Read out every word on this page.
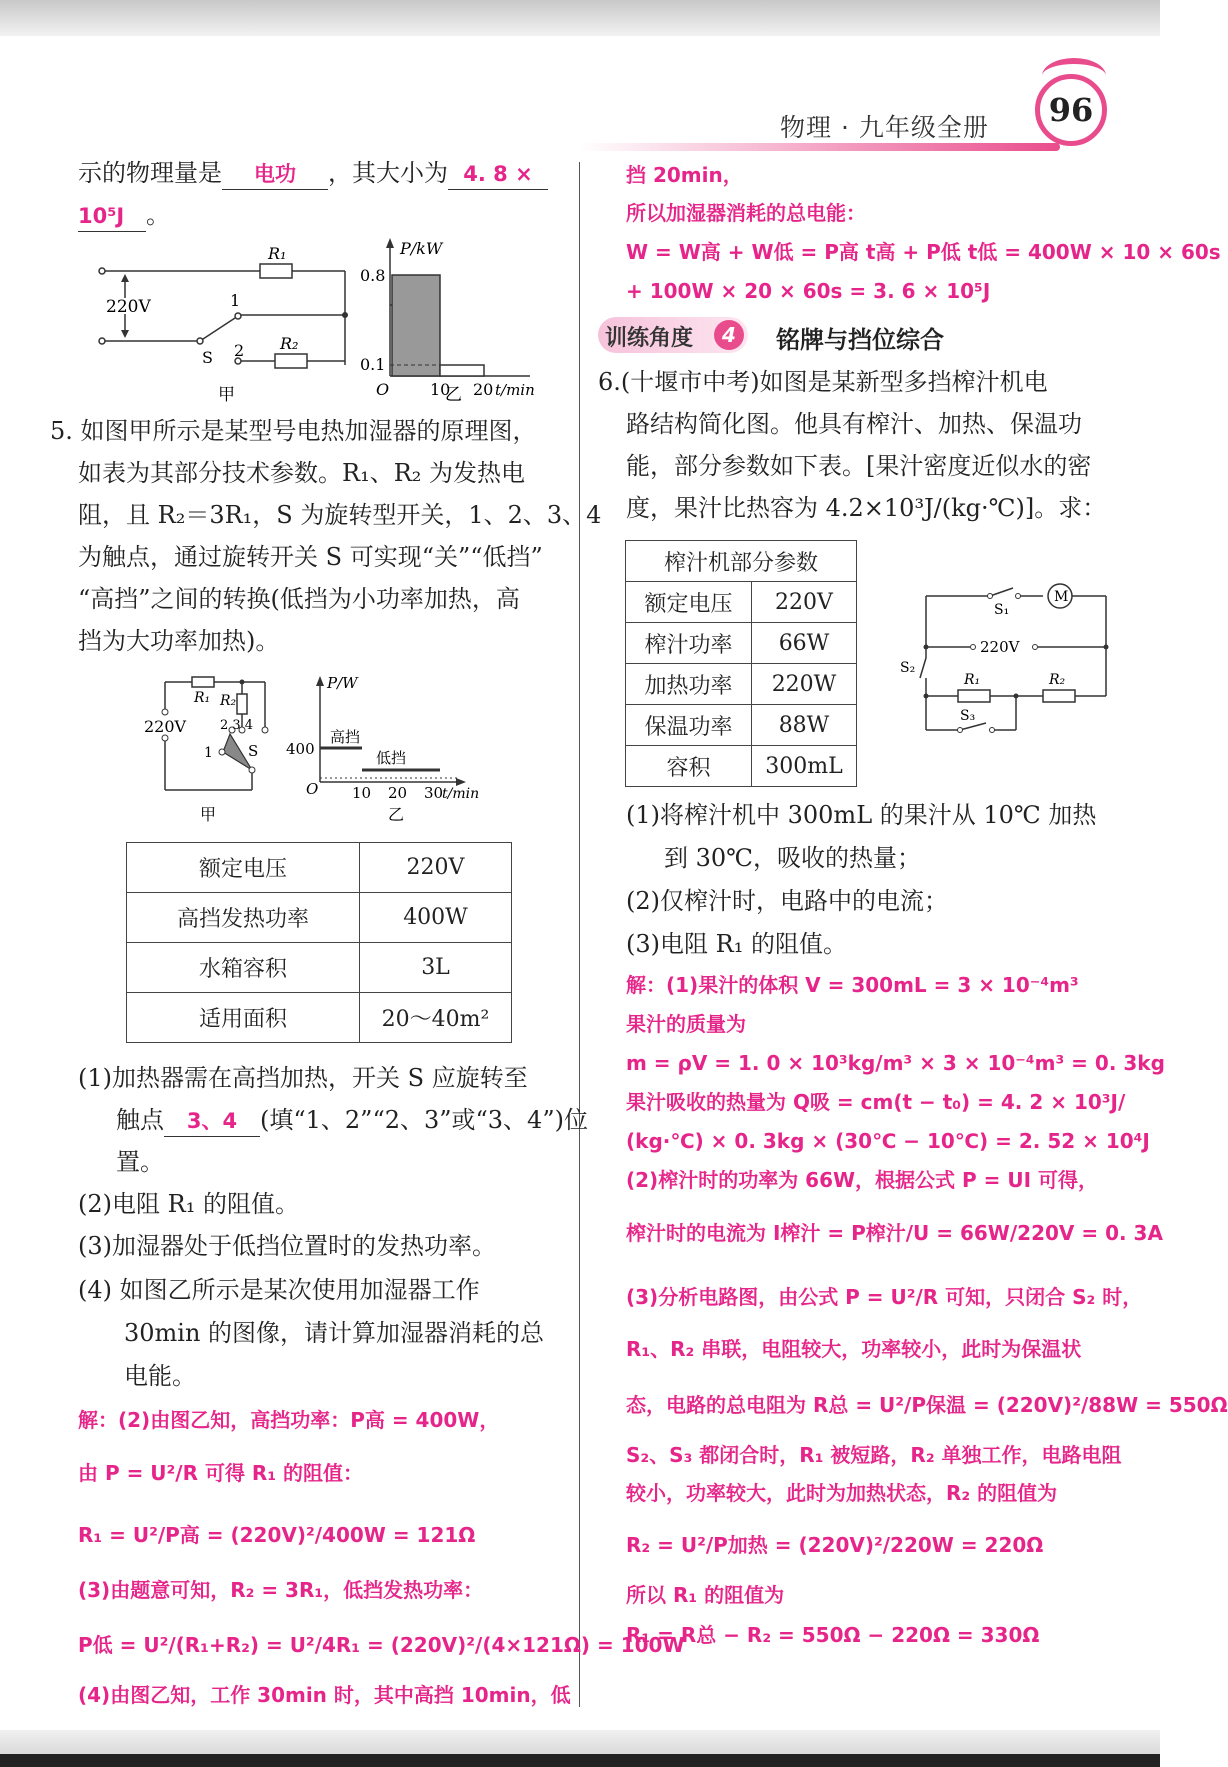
96
物理 · 九年级全册
示的物理量是 电功 ，其大小为 4. 8 ×
10⁵J 。
R₁
R₂
220V	1
2
S
P/kW
0.8
0.1
O	10 20 t/min
甲	乙
5. 如图甲所示是某型号电热加湿器的原理图，
如表为其部分技术参数。R₁、R₂ 为发热电
阻，且 R₂＝3R₁，S 为旋转型开关，1、2、3、4
为触点，通过旋转开关 S 可实现“关”“低挡”
“高挡”之间的转换(低挡为小功率加热，高
挡为大功率加热)。
R₁ R₂
220V	2 3 4
1 S
P/W
400
高挡
低挡
O 10 20 30
t/min
甲	乙
额定电压	220V
高挡发热功率	400W
水箱容积	3L
适用面积	20～40m²
(1)加热器需在高挡加热，开关 S 应旋转至
触点 3、4 (填“1、2”“2、3”或“3、4”)位
置。
(2)电阻 R₁ 的阻值。
(3)加湿器处于低挡位置时的发热功率。
(4) 如图乙所示是某次使用加湿器工作
30min 的图像，请计算加湿器消耗的总
电能。
解：(2)由图乙知，高挡功率：P高 = 400W，
由 P = U²/R 可得 R₁ 的阻值：
R₁ = U²/P高 = (220V)²/400W = 121Ω
(3)由题意可知，R₂ = 3R₁，低挡发热功率：
P低 = U²/(R₁+R₂) = U²/4R₁ = (220V)²/(4×121Ω) = 100W
(4)由图乙知，工作 30min 时，其中高挡 10min，低
挡 20min，
所以加湿器消耗的总电能：
W = W高 + W低 = P高 t高 + P低 t低 = 400W × 10 × 60s
+ 100W × 20 × 60s = 3. 6 × 10⁵J
训练角度	4	铭牌与挡位综合
6.(十堰市中考)如图是某新型多挡榨汁机电
路结构简化图。他具有榨汁、加热、保温功
能，部分参数如下表。[果汁密度近似水的密
度，果汁比热容为 4.2×10³J/(kg·℃)]。求：
榨汁机部分参数	
额定电压	220V
榨汁功率	66W
加热功率	220W
保温功率	88W
容积	300mL
S₁
M
220V
S₂
R₁	R₂
S₃
(1)将榨汁机中 300mL 的果汁从 10℃ 加热
到 30℃，吸收的热量；
(2)仅榨汁时，电路中的电流；
(3)电阻 R₁ 的阻值。
解：(1)果汁的体积 V = 300mL = 3 × 10⁻⁴m³
果汁的质量为
m = ρV = 1. 0 × 10³kg/m³ × 3 × 10⁻⁴m³ = 0. 3kg
果汁吸收的热量为 Q吸 = cm(t − t₀) = 4. 2 × 10³J/
(kg·℃) × 0. 3kg × (30℃ − 10℃) = 2. 52 × 10⁴J
(2)榨汁时的功率为 66W，根据公式 P = UI 可得，
榨汁时的电流为 I榨汁 = P榨汁/U = 66W/220V = 0. 3A
(3)分析电路图，由公式 P = U²/R 可知，只闭合 S₂ 时，
R₁、R₂ 串联，电阻较大，功率较小，此时为保温状
态，电路的总电阻为 R总 = U²/P保温 = (220V)²/88W = 550Ω
S₂、S₃ 都闭合时，R₁ 被短路，R₂ 单独工作，电路电阻
较小，功率较大，此时为加热状态，R₂ 的阻值为
R₂ = U²/P加热 = (220V)²/220W = 220Ω
所以 R₁ 的阻值为
R₁ = R总 − R₂ = 550Ω − 220Ω = 330Ω
